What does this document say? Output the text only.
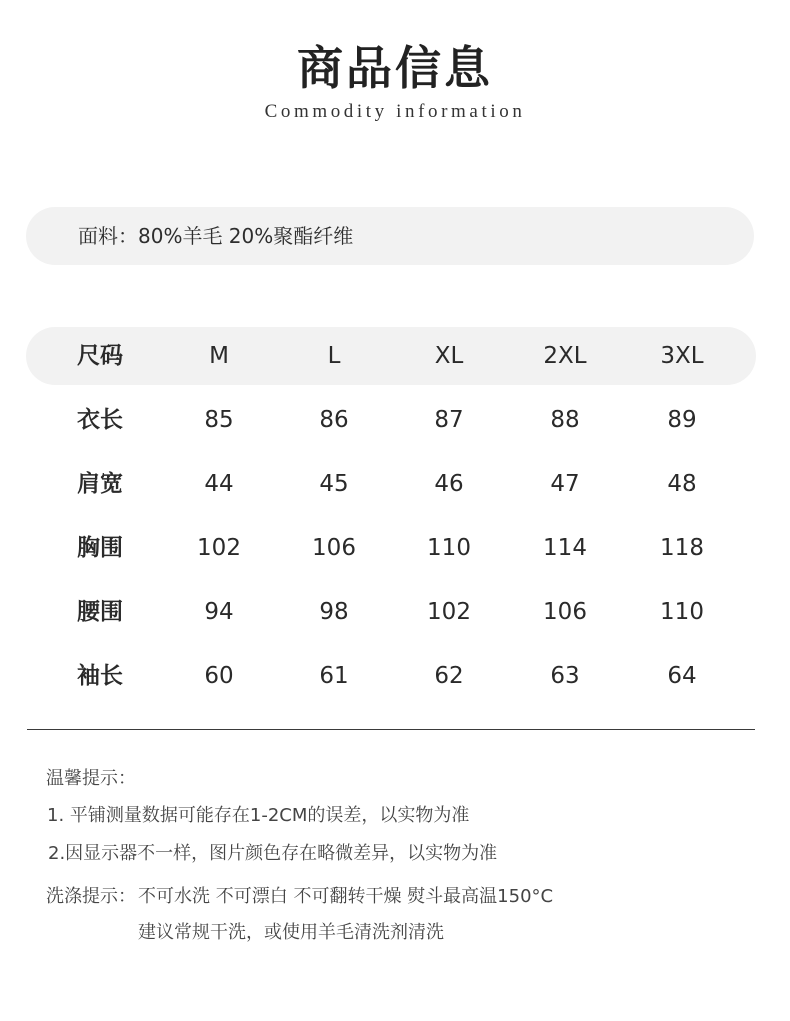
商品信息
Commodity information
面料：80%羊毛 20%聚酯纤维
尺码	M	L	XL	2XL	3XL
衣长	85	86	87	88	89
肩宽	44	45	46	47	48
胸围	102	106	110	114	118
腰围	94	98	102	106	110
袖长	60	61	62	63	64
温馨提示：
1. 平铺测量数据可能存在1-2CM的误差，以实物为准
2.因显示器不一样，图片颜色存在略微差异，以实物为准
洗涤提示： 不可水洗 不可漂白 不可翻转干燥 熨斗最高温150°C
建议常规干洗，或使用羊毛清洗剂清洗
